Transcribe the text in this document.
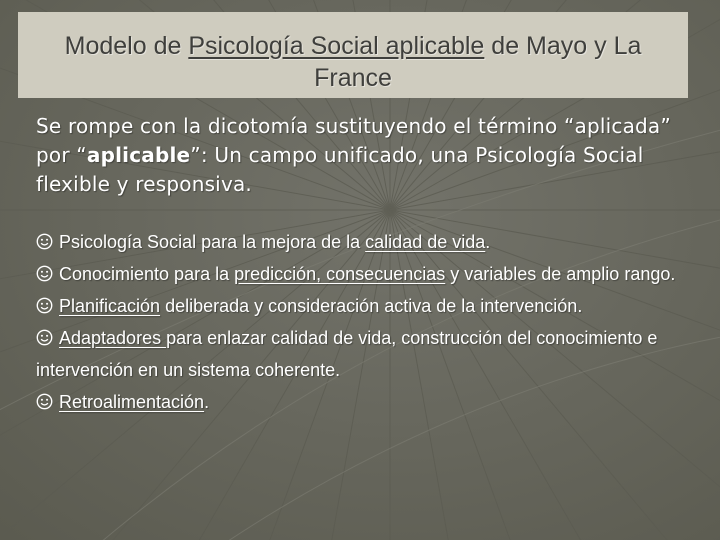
Modelo de Psicología Social aplicable de Mayo y La France
Se rompe con la dicotomía sustituyendo el término “aplicada” por “aplicable”: Un campo unificado, una Psicología Social flexible y responsiva.

Psicología Social para la mejora de la calidad de vida.

Conocimiento para la predicción, consecuencias y variables de amplio rango.

Planificación deliberada y consideración activa de la intervención.

Adaptadores para enlazar calidad de vida, construcción del conocimiento e intervención en un sistema coherente.

Retroalimentación.
